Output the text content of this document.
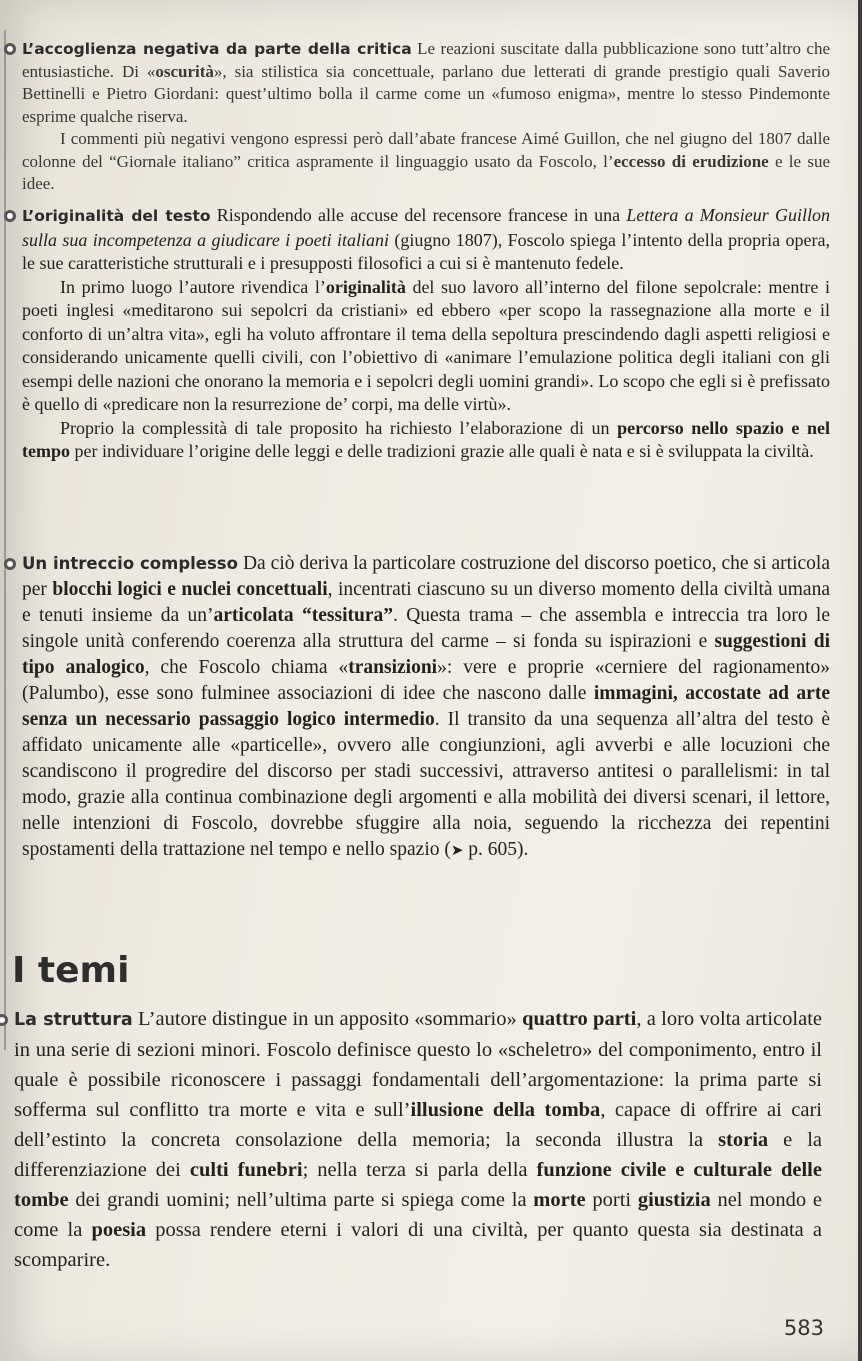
L’accoglienza negativa da parte della critica Le reazioni suscitate dalla pubblicazione sono tutt’altro che entusiastiche. Di «oscurità», sia stilistica sia concettuale, parlano due letterati di grande prestigio quali Saverio Bettinelli e Pietro Giordani: quest’ultimo bolla il carme come un «fumoso enigma», mentre lo stesso Pindemonte esprime qualche riserva.

I commenti più negativi vengono espressi però dall’abate francese Aimé Guillon, che nel giugno del 1807 dalle colonne del “Giornale italiano” critica aspramente il linguaggio usato da Foscolo, l’eccesso di erudizione e le sue idee.

L’originalità del testo Rispondendo alle accuse del recensore francese in una Lettera a Monsieur Guillon sulla sua incompetenza a giudicare i poeti italiani (giugno 1807), Foscolo spiega l’intento della propria opera, le sue caratteristiche strutturali e i presupposti filosofici a cui si è mantenuto fedele.

In primo luogo l’autore rivendica l’originalità del suo lavoro all’interno del filone sepolcrale: mentre i poeti inglesi «meditarono sui sepolcri da cristiani» ed ebbero «per scopo la rassegnazione alla morte e il conforto di un’altra vita», egli ha voluto affrontare il tema della sepoltura prescindendo dagli aspetti religiosi e considerando unicamente quelli civili, con l’obiettivo di «animare l’emulazione politica degli italiani con gli esempi delle nazioni che onorano la memoria e i sepolcri degli uomini grandi». Lo scopo che egli si è prefissato è quello di «predicare non la resurrezione de’ corpi, ma delle virtù».

Proprio la complessità di tale proposito ha richiesto l’elaborazione di un percorso nello spazio e nel tempo per individuare l’origine delle leggi e delle tradizioni grazie alle quali è nata e si è sviluppata la civiltà.

Un intreccio complesso Da ciò deriva la particolare costruzione del discorso poetico, che si articola per blocchi logici e nuclei concettuali, incentrati ciascuno su un diverso momento della civiltà umana e tenuti insieme da un’articolata “tessitura”. Questa trama – che assembla e intreccia tra loro le singole unità conferendo coerenza alla struttura del carme – si fonda su ispirazioni e suggestioni di tipo analogico, che Foscolo chiama «transizioni»: vere e proprie «cerniere del ragionamento» (Palumbo), esse sono fulminee associazioni di idee che nascono dalle immagini, accostate ad arte senza un necessario passaggio logico intermedio. Il transito da una sequenza all’altra del testo è affidato unicamente alle «particelle», ovvero alle congiunzioni, agli avverbi e alle locuzioni che scandiscono il progredire del discorso per stadi successivi, attraverso antitesi o parallelismi: in tal modo, grazie alla continua combinazione degli argomenti e alla mobilità dei diversi scenari, il lettore, nelle intenzioni di Foscolo, dovrebbe sfuggire alla noia, seguendo la ricchezza dei repentini spostamenti della trattazione nel tempo e nello spazio (➤ p. 605).

I temi

La struttura L’autore distingue in un apposito «sommario» quattro parti, a loro volta articolate in una serie di sezioni minori. Foscolo definisce questo lo «scheletro» del componimento, entro il quale è possibile riconoscere i passaggi fondamentali dell’argomentazione: la prima parte si sofferma sul conflitto tra morte e vita e sull’illusione della tomba, capace di offrire ai cari dell’estinto la concreta consolazione della memoria; la seconda illustra la storia e la differenziazione dei culti funebri; nella terza si parla della funzione civile e culturale delle tombe dei grandi uomini; nell’ultima parte si spiega come la morte porti giustizia nel mondo e come la poesia possa rendere eterni i valori di una civiltà, per quanto questa sia destinata a scomparire.

583
